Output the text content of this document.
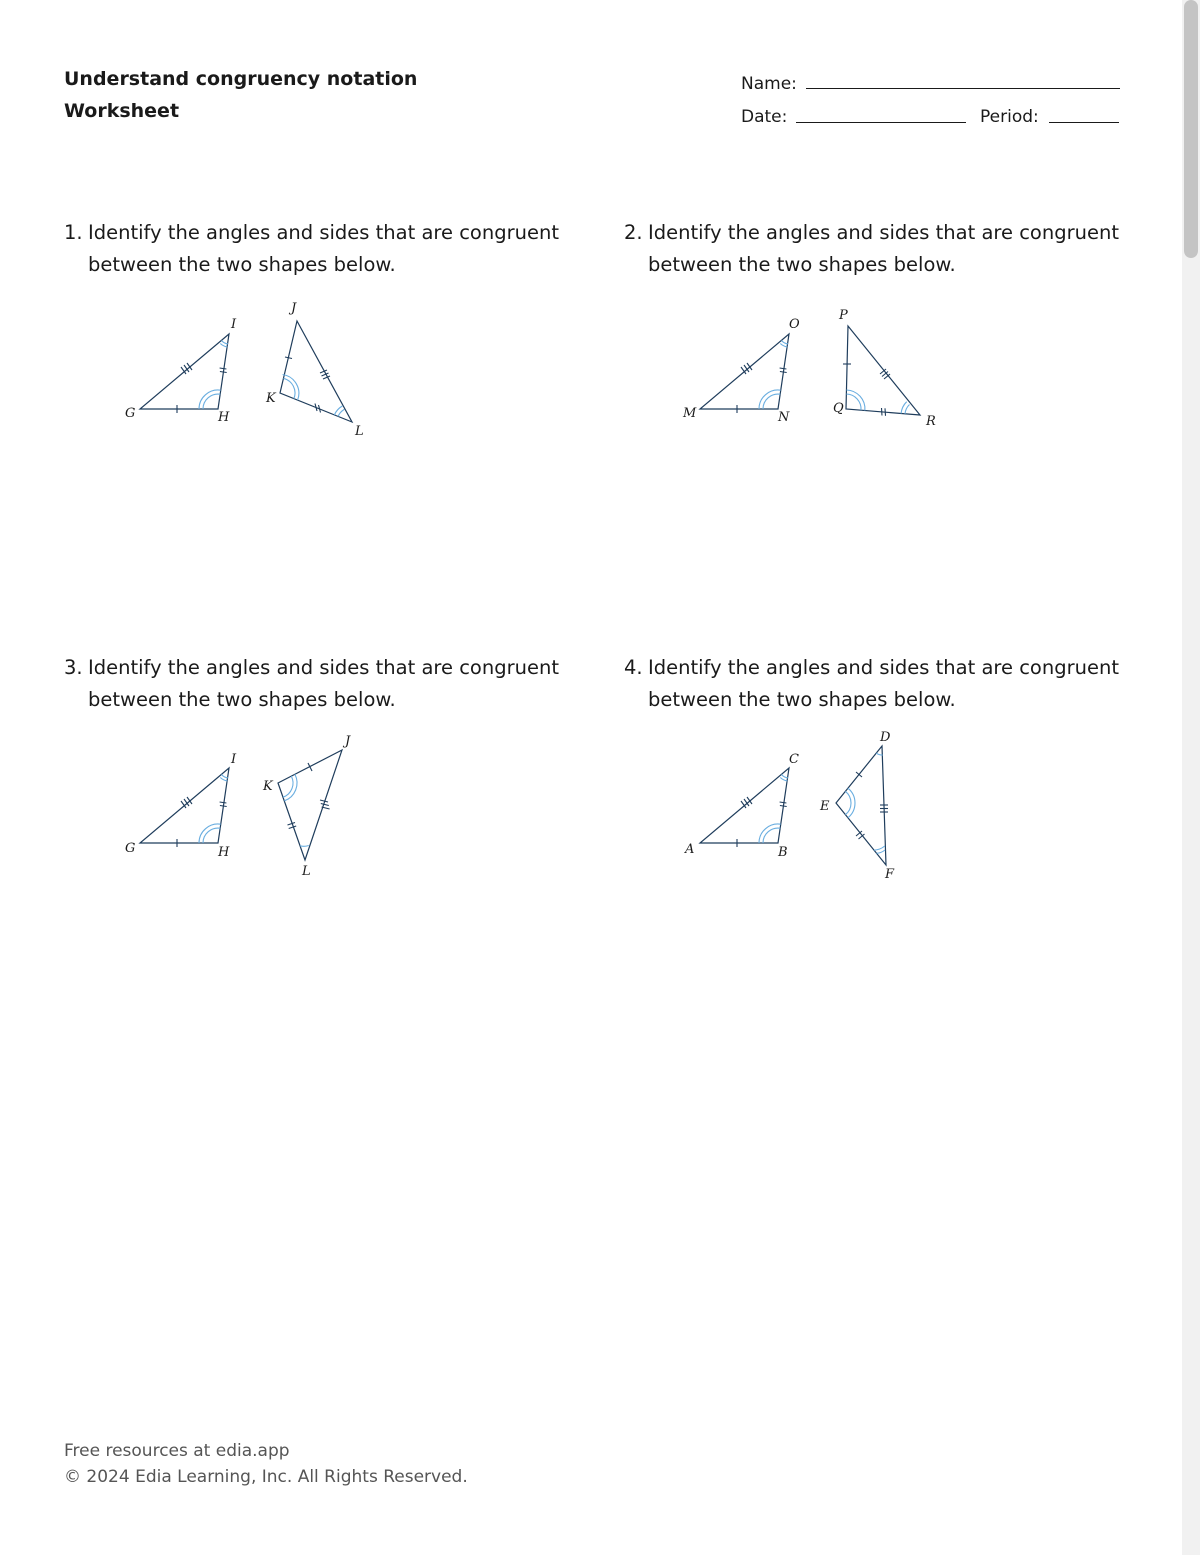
Understand congruency notation
Worksheet
Name:
Date:	Period:
1. Identify the angles and sides that are congruent
between the two shapes below.
2. Identify the angles and sides that are congruent
between the two shapes below.
3. Identify the angles and sides that are congruent
between the two shapes below.
4. Identify the angles and sides that are congruent
between the two shapes below.
G	H
I
J
K
L
M	N
O
P
Q
R
G	H
I
J
K
L
A	B
C
D
E
F
Free resources at edia.app
© 2024 Edia Learning, Inc. All Rights Reserved.
